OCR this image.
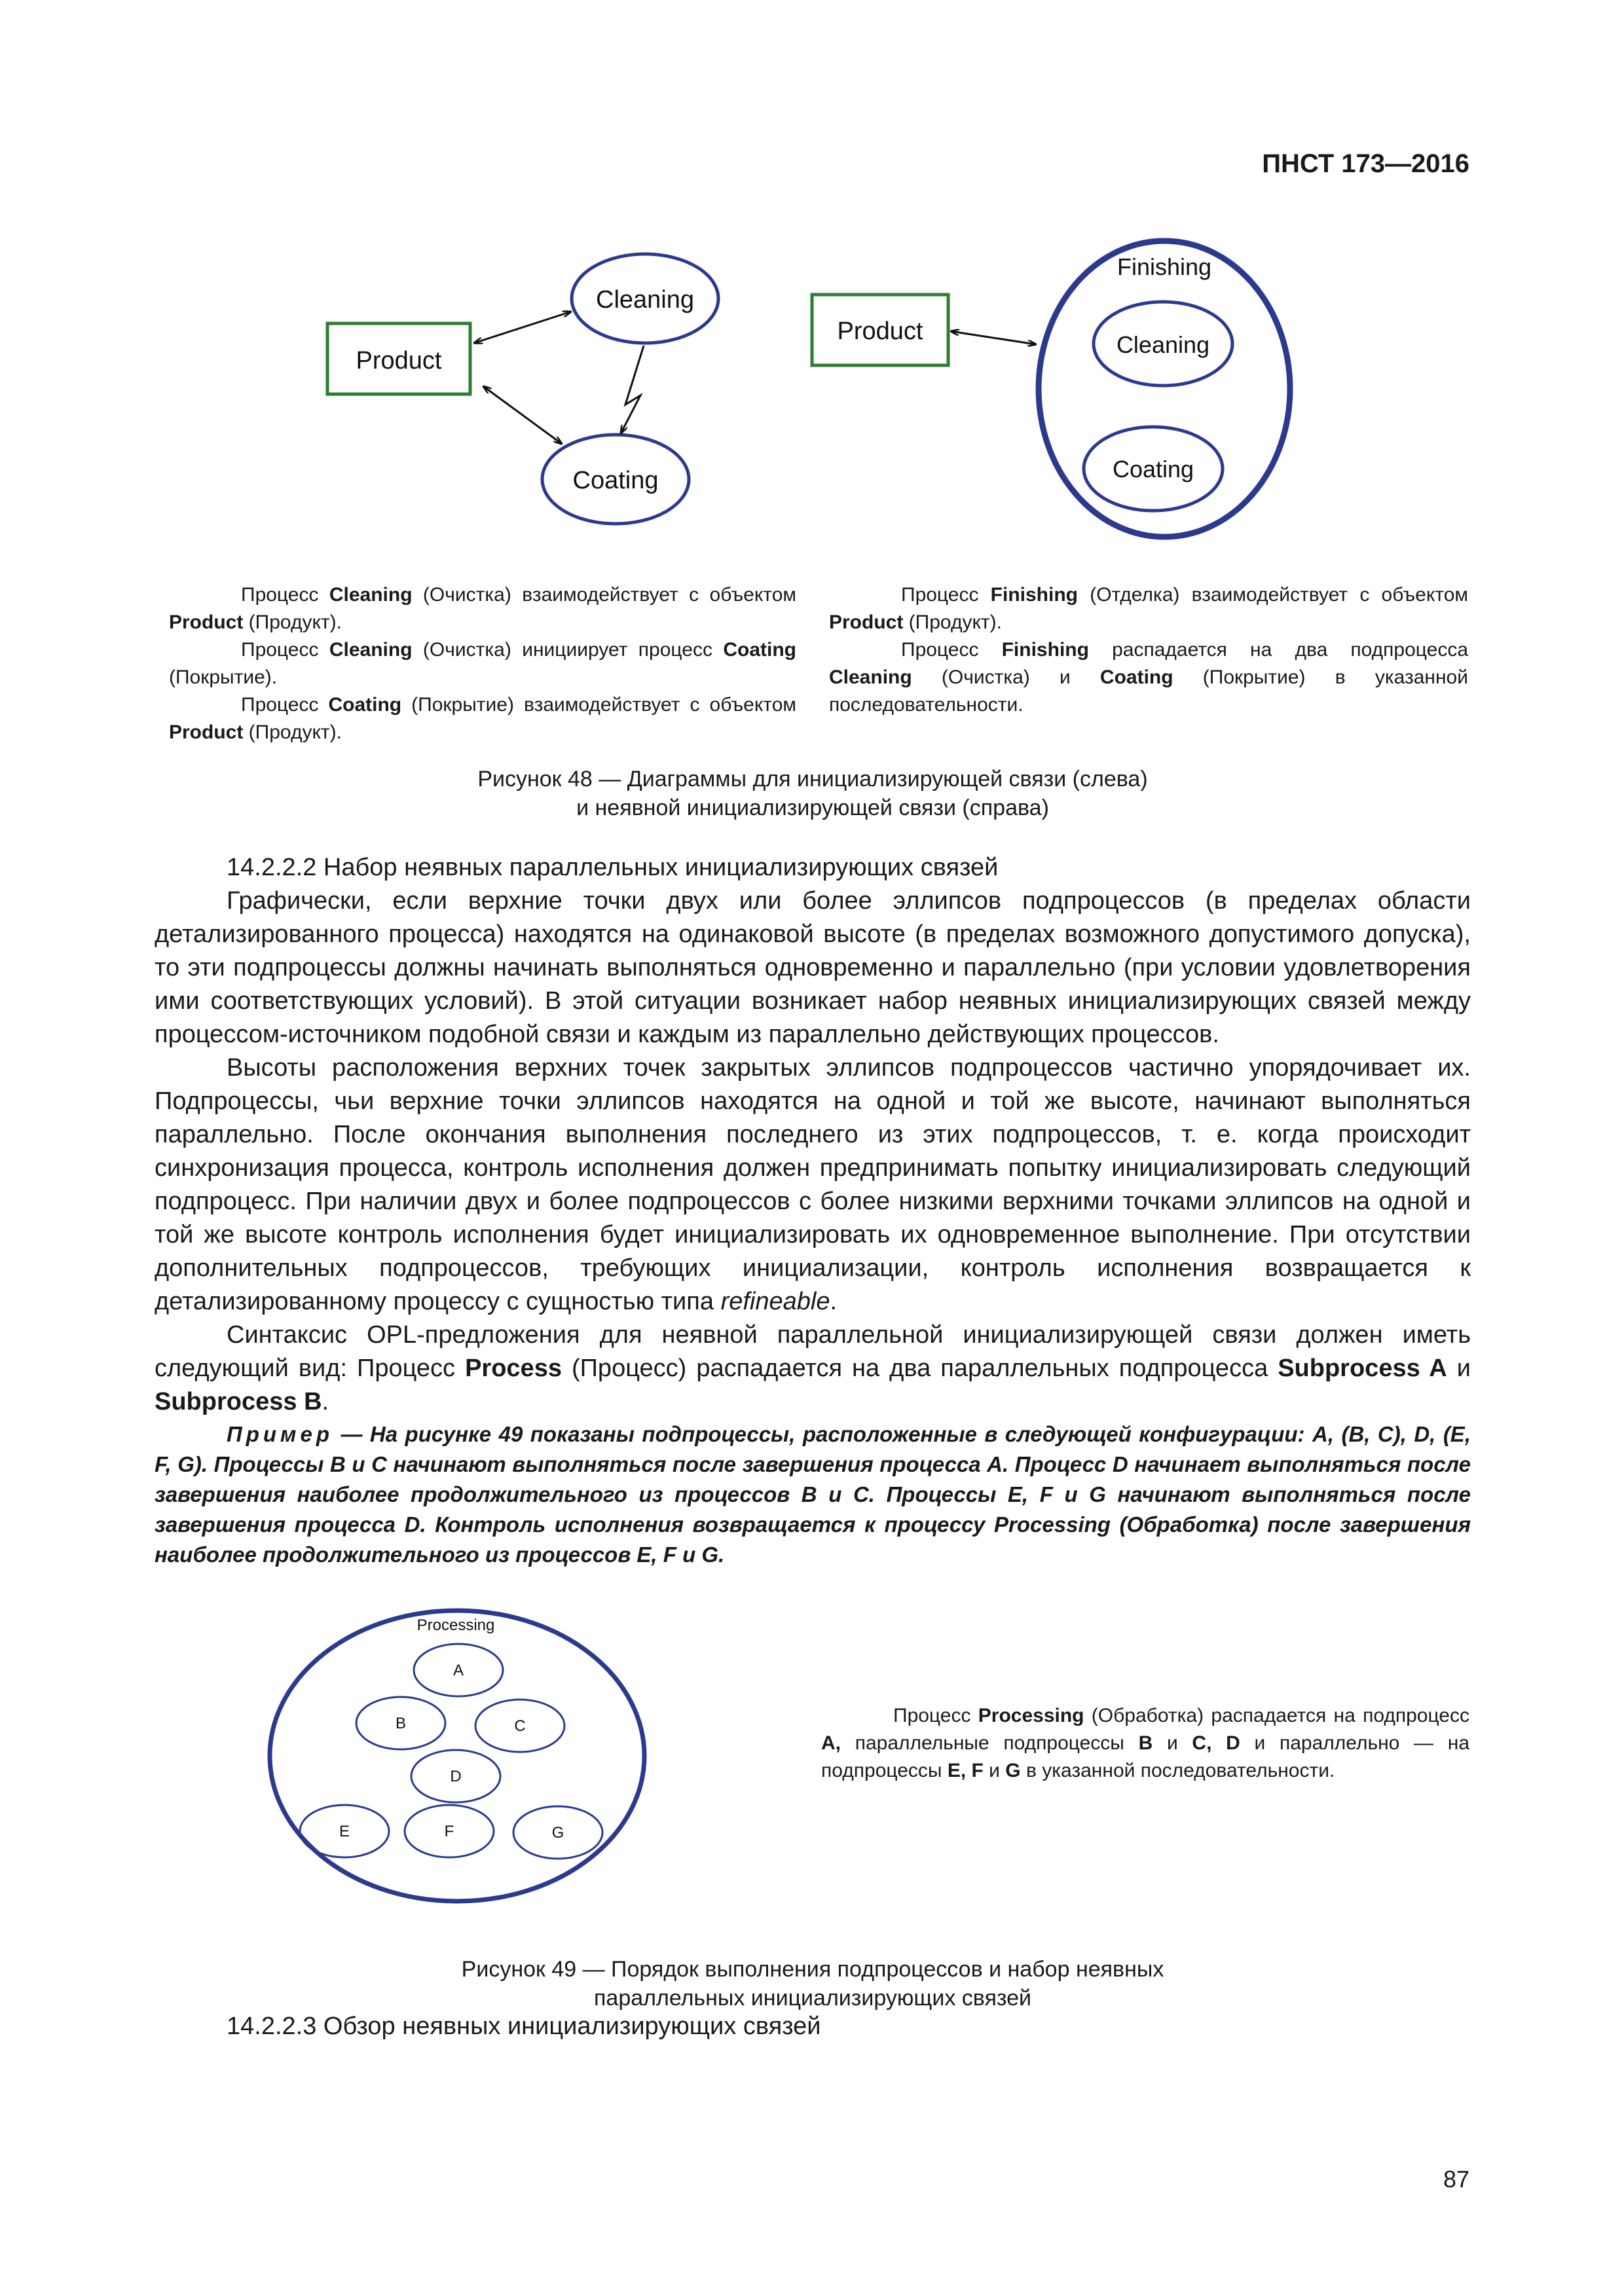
ПНСТ 173—2016
Product
Cleaning
Coating
Product
Finishing
Cleaning
Coating

Процесс Cleaning (Очистка) взаимодействует с объектом Product (Продукт).

Процесс Cleaning (Очистка) инициирует процесс Coating (Покрытие).

Процесс Coating (Покрытие) взаимодействует с объектом Product (Продукт).

Процесс Finishing (Отделка) взаимодействует с объектом Product (Продукт).

Процесс Finishing распадается на два подпроцесса Cleaning (Очистка) и Coating (Покрытие) в указанной последовательности.

Рисунок 48 — Диаграммы для инициализирующей связи (слева)
и неявной инициализирующей связи (справа)

14.2.2.2 Набор неявных параллельных инициализирующих связей

Графически, если верхние точки двух или более эллипсов подпроцессов (в пределах области детализированного процесса) находятся на одинаковой высоте (в пределах возможного допустимого допуска), то эти подпроцессы должны начинать выполняться одновременно и параллельно (при условии удовлетворения ими соответствующих условий). В этой ситуации возникает набор неявных инициализирующих связей между процессом-источником подобной связи и каждым из параллельно действующих процессов.

Высоты расположения верхних точек закрытых эллипсов подпроцессов частично упорядочивает их. Подпроцессы, чьи верхние точки эллипсов находятся на одной и той же высоте, начинают выполняться параллельно. После окончания выполнения последнего из этих подпроцессов, т. е. когда происходит синхронизация процесса, контроль исполнения должен предпринимать попытку инициализировать следующий подпроцесс. При наличии двух и более подпроцессов с более низкими верхними точками эллипсов на одной и той же высоте контроль исполнения будет инициализировать их одновременное выполнение. При отсутствии дополнительных подпроцессов, требующих инициализации, контроль исполнения возвращается к детализированному процессу с сущностью типа refineable.

Синтаксис OPL-предложения для неявной параллельной инициализирующей связи должен иметь следующий вид: Процесс Process (Процесс) распадается на два параллельных подпроцесса Subprocess A и Subprocess B.

Пример — На рисунке 49 показаны подпроцессы, расположенные в следующей конфигурации: A, (B, C), D, (E, F, G). Процессы B и C начинают выполняться после завершения процесса A. Процесс D начинает выполняться после завершения наиболее продолжительного из процессов B и C. Процессы E, F и G начинают выполняться после завершения процесса D. Контроль исполнения возвращается к процессу Processing (Обработка) после завершения наиболее продолжительного из процессов E, F и G.
Processing
A
B	C
D
E	F	G

Процесс Processing (Обработка) распадается на подпроцесс A, параллельные подпроцессы B и C, D и параллельно — на подпроцессы E, F и G в указанной последовательности.

Рисунок 49 — Порядок выполнения подпроцессов и набор неявных
параллельных инициализирующих связей

14.2.2.3 Обзор неявных инициализирующих связей

87
